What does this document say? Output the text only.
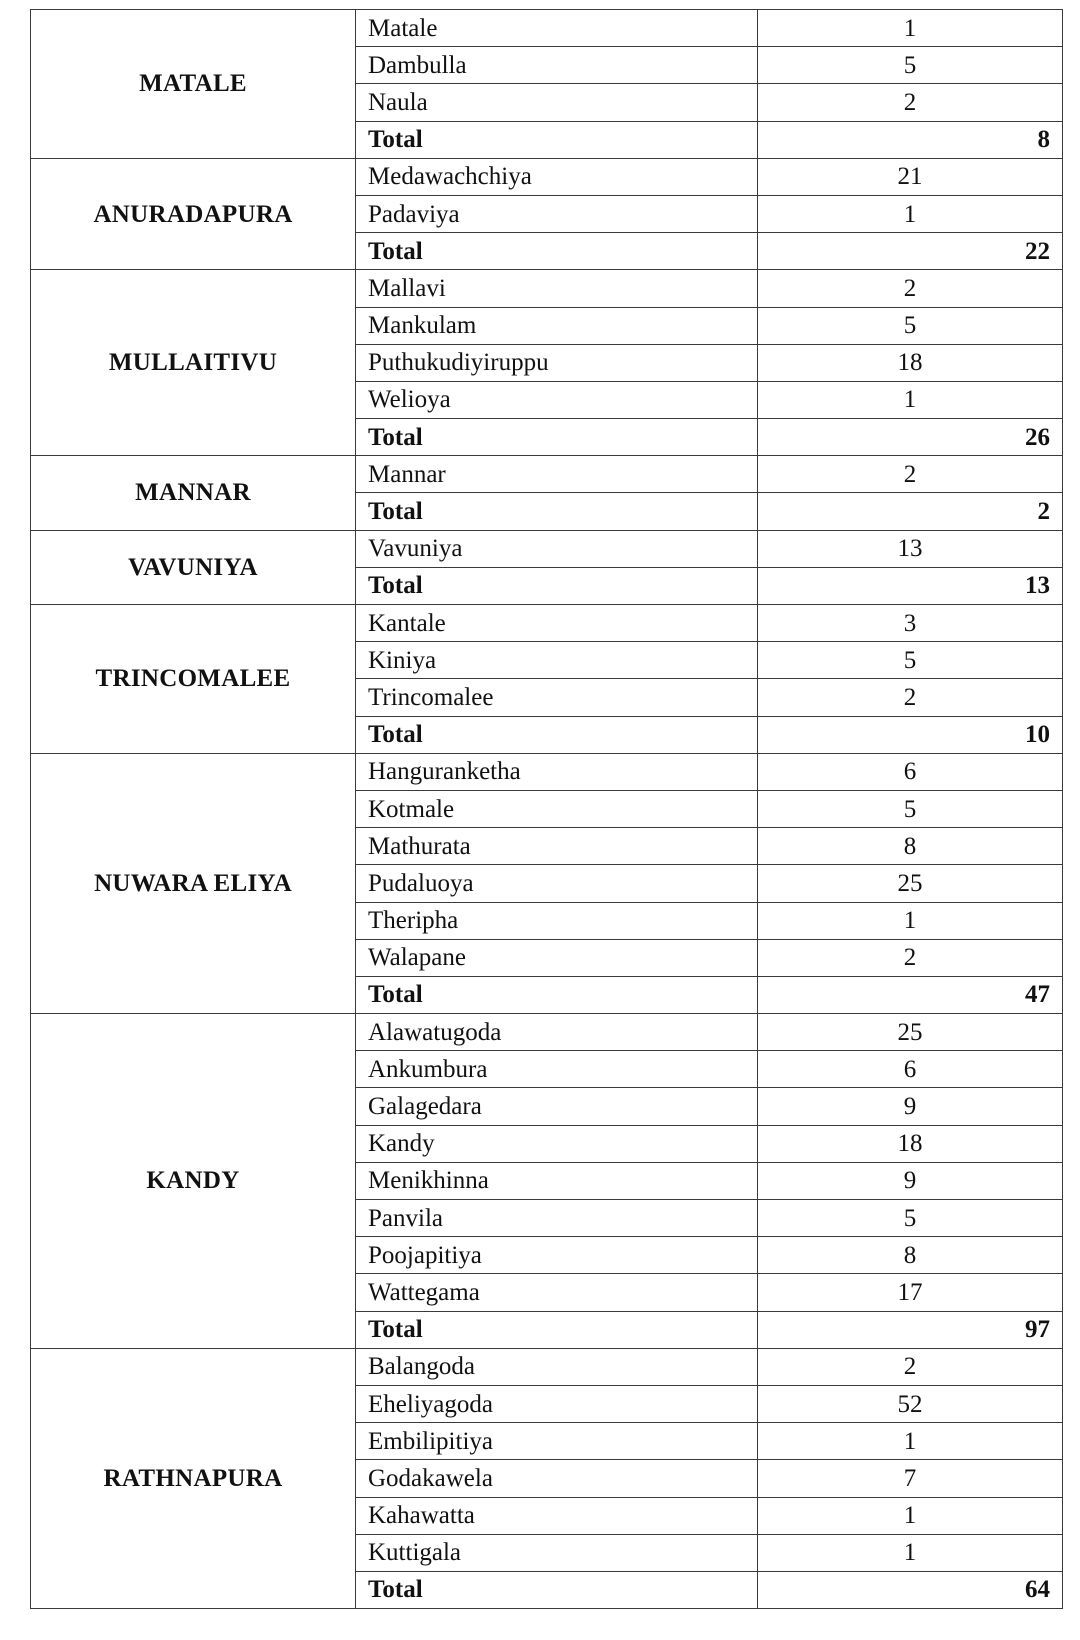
MATALE	Matale	1
	Dambulla	5
	Naula	2
	Total	8
ANURADAPURA	Medawachchiya	21
	Padaviya	1
	Total	22
MULLAITIVU	Mallavi	2
	Mankulam	5
	Puthukudiyiruppu	18
	Welioya	1
	Total	26
MANNAR	Mannar	2
	Total	2
VAVUNIYA	Vavuniya	13
	Total	13
TRINCOMALEE	Kantale	3
	Kiniya	5
	Trincomalee	2
	Total	10
NUWARA ELIYA	Hanguranketha	6
	Kotmale	5
	Mathurata	8
	Pudaluoya	25
	Theripha	1
	Walapane	2
	Total	47
KANDY	Alawatugoda	25
	Ankumbura	6
	Galagedara	9
	Kandy	18
	Menikhinna	9
	Panvila	5
	Poojapitiya	8
	Wattegama	17
	Total	97
RATHNAPURA	Balangoda	2
	Eheliyagoda	52
	Embilipitiya	1
	Godakawela	7
	Kahawatta	1
	Kuttigala	1
	Total	64
